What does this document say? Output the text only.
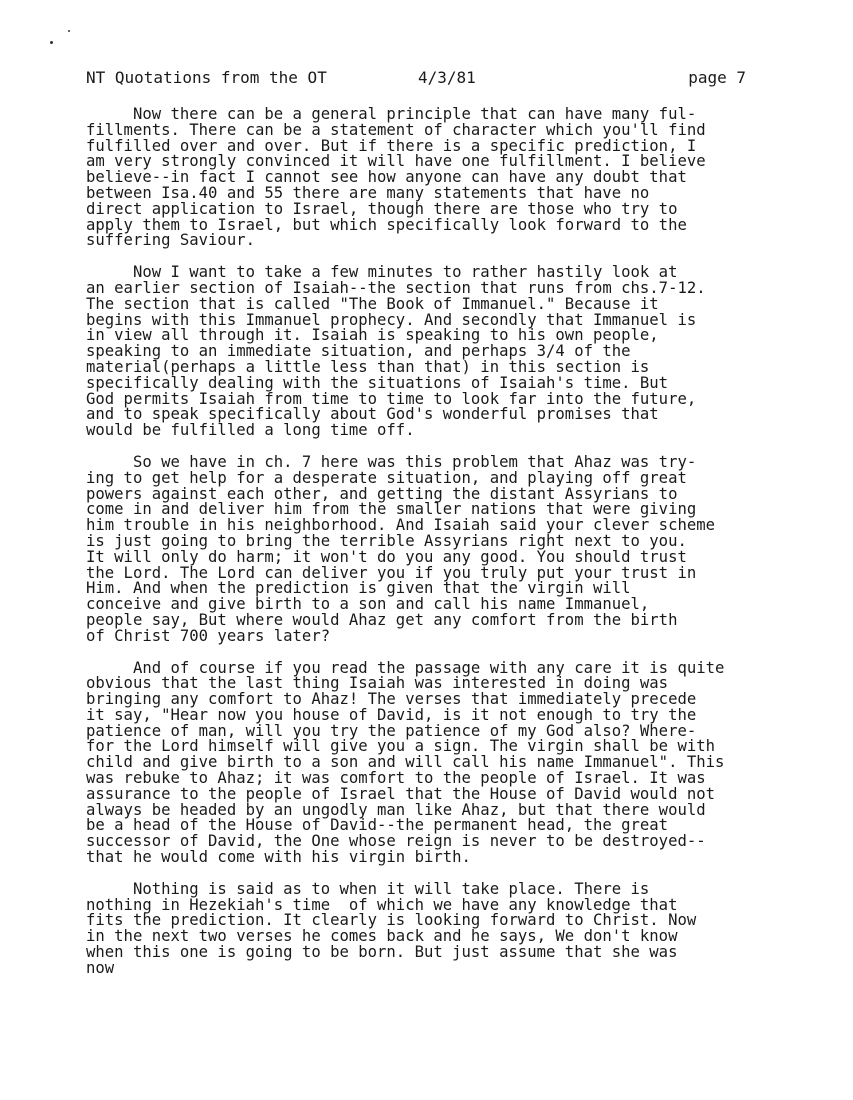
NT Quotations from the OT	4/3/81	page 7
Now there can be a general principle that can have many ful-
fillments. There can be a statement of character which you'll find
fulfilled over and over. But if there is a specific prediction, I
am very strongly convinced it will have one fulfillment. I believe
believe--in fact I cannot see how anyone can have any doubt that
between Isa.40 and 55 there are many statements that have no
direct application to Israel, though there are those who try to
apply them to Israel, but which specifically look forward to the
suffering Saviour.
Now I want to take a few minutes to rather hastily look at
an earlier section of Isaiah--the section that runs from chs.7-12.
The section that is called "The Book of Immanuel." Because it
begins with this Immanuel prophecy. And secondly that Immanuel is
in view all through it. Isaiah is speaking to his own people,
speaking to an immediate situation, and perhaps 3/4 of the
material(perhaps a little less than that) in this section is
specifically dealing with the situations of Isaiah's time. But
God permits Isaiah from time to time to look far into the future,
and to speak specifically about God's wonderful promises that
would be fulfilled a long time off.
So we have in ch. 7 here was this problem that Ahaz was try-
ing to get help for a desperate situation, and playing off great
powers against each other, and getting the distant Assyrians to
come in and deliver him from the smaller nations that were giving
him trouble in his neighborhood. And Isaiah said your clever scheme
is just going to bring the terrible Assyrians right next to you.
It will only do harm; it won't do you any good. You should trust
the Lord. The Lord can deliver you if you truly put your trust in
Him. And when the prediction is given that the virgin will
conceive and give birth to a son and call his name Immanuel,
people say, But where would Ahaz get any comfort from the birth
of Christ 700 years later?
And of course if you read the passage with any care it is quite
obvious that the last thing Isaiah was interested in doing was
bringing any comfort to Ahaz! The verses that immediately precede
it say, "Hear now you house of David, is it not enough to try the
patience of man, will you try the patience of my God also? Where-
for the Lord himself will give you a sign. The virgin shall be with
child and give birth to a son and will call his name Immanuel". This
was rebuke to Ahaz; it was comfort to the people of Israel. It was
assurance to the people of Israel that the House of David would not
always be headed by an ungodly man like Ahaz, but that there would
be a head of the House of David--the permanent head, the great
successor of David, the One whose reign is never to be destroyed--
that he would come with his virgin birth.
Nothing is said as to when it will take place. There is
nothing in Hezekiah's time  of which we have any knowledge that
fits the prediction. It clearly is looking forward to Christ. Now
in the next two verses he comes back and he says, We don't know
when this one is going to be born. But just assume that she was
now
